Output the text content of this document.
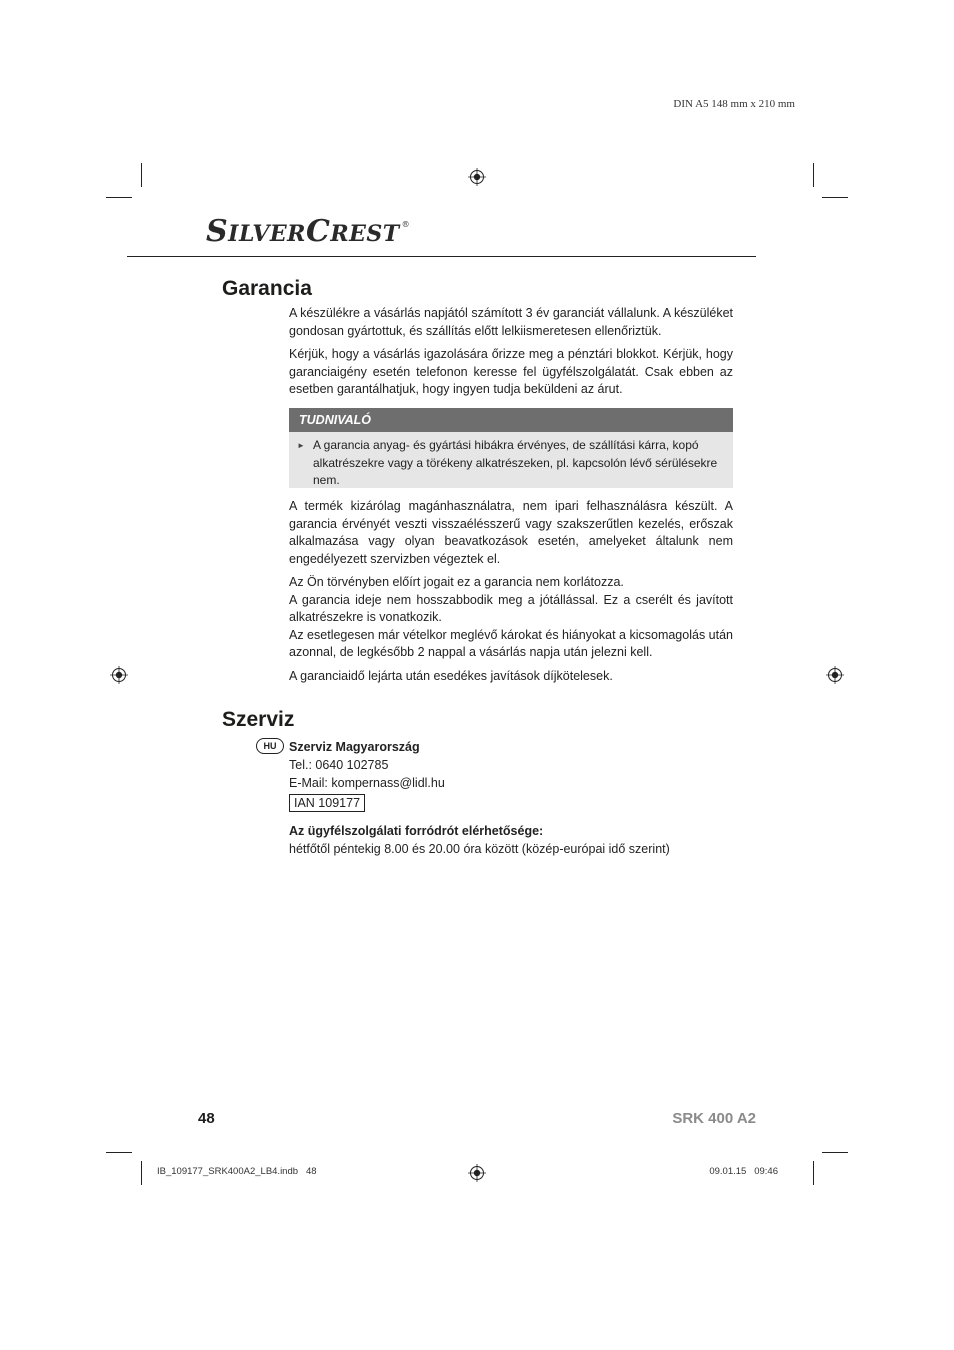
DIN A5 148 mm x 210 mm
SILVERCREST ®
Garancia

A készülékre a vásárlás napjától számított 3 év garanciát vállalunk. A készüléket gondosan gyártottuk, és szállítás előtt lelkiismeretesen ellenőriztük.

Kérjük, hogy a vásárlás igazolására őrizze meg a pénztári blokkot. Kérjük, hogy garanciaigény esetén telefonon keresse fel ügyfélszolgálatát. Csak ebben az esetben garantálhatjuk, hogy ingyen tudja beküldeni az árut.

TUDNIVALÓ
► A garancia anyag- és gyártási hibákra érvényes, de szállítási kárra, kopó alkatrészekre vagy a törékeny alkatrészeken, pl. kapcsolón lévő sérülésekre nem.

A termék kizárólag magánhasználatra, nem ipari felhasználásra készült. A garancia érvényét veszti visszaélésszerű vagy szakszerűtlen kezelés, erőszak alkalmazása vagy olyan beavatkozások esetén, amelyeket általunk nem engedélyezett szervizben végeztek el.

Az Ön törvényben előírt jogait ez a garancia nem korlátozza.

A garancia ideje nem hosszabbodik meg a jótállással. Ez a cserélt és javított alkatrészekre is vonatkozik.

Az esetlegesen már vételkor meglévő károkat és hiányokat a kicsomagolás után azonnal, de legkésőbb 2 nappal a vásárlás napja után jelezni kell.

A garanciaidő lejárta után esedékes javítások díjkötelesek.

Szerviz
HU	Szerviz Magyarország
Tel.: 0640 102785
E-Mail: kompernass@lidl.hu
IAN 109177
Az ügyfélszolgálati forródrót elérhetősége:
hétfőtől péntekig 8.00 és 20.00 óra között (közép-európai idő szerint)
48	SRK 400 A2
IB_109177_SRK400A2_LB4.indb   48	09.01.15   09:46
